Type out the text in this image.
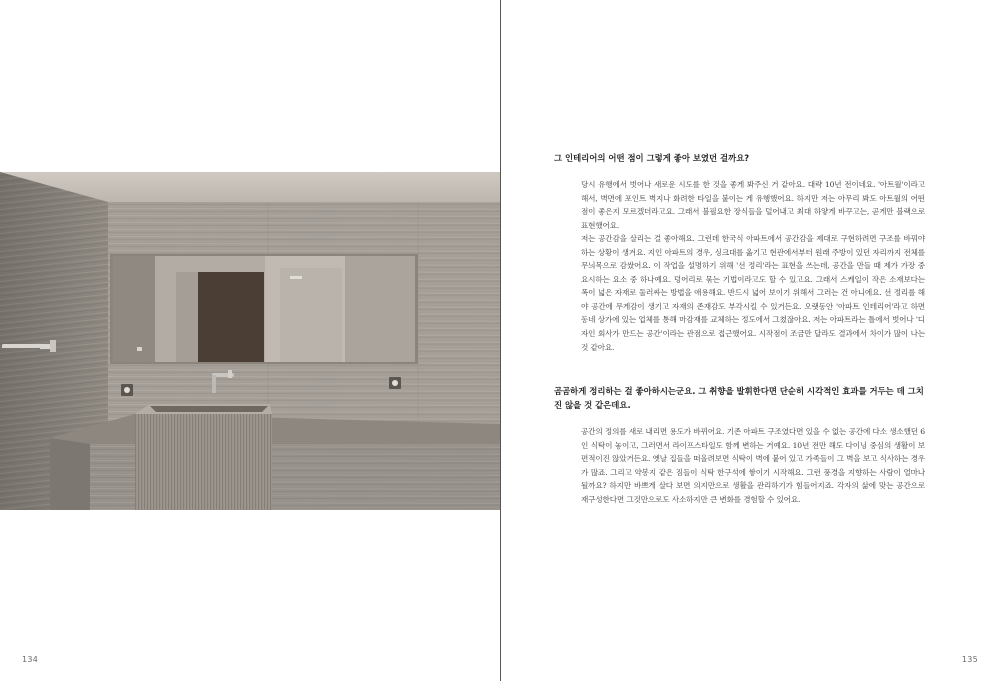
134

그 인테리어의 어떤 점이 그렇게 좋아 보였던 걸까요?

당시 유행에서 벗어나 새로운 시도를 한 것을 좋게 봐주신 거 같아요. 대략 10년 전이네요. '아트월'이라고 해서, 벽면에 포인트 벽지나 화려한 타일을 붙이는 게 유행했어요. 하지만 저는 아무리 봐도 아트월의 어떤 점이 좋은지 모르겠더라고요. 그래서 불필요한 장식들을 덜어내고 최대 하얗게 바꾸고는, 곧게만 블랙으로 표현했어요.

저는 공간감을 살리는 걸 좋아해요. 그런데 한국식 아파트에서 공간감을 제대로 구현하려면 구조를 바꿔야 하는 상황이 생겨요. 지인 아파트의 경우, 싱크대를 옮기고 현관에서부터 원래 주방이 있던 자리까지 전체를 무늬목으로 감쌌어요. 이 작업을 설명하기 위해 '선 정리'라는 표현을 쓰는데, 공간을 만들 때 제가 가장 중요시하는 요소 중 하나예요. 덩어리로 묶는 기법이라고도 할 수 있고요. 그래서 스케일이 작은 소재보다는 폭이 넓은 자재로 둘러싸는 방법을 애용해요. 반드시 넓어 보이기 위해서 그러는 건 아니에요. 선 정리를 해야 공간에 무게감이 생기고 자재의 존재감도 부각시킬 수 있거든요. 오랫동안 '아파트 인테리어'라고 하면 동네 상가에 있는 업체를 통해 마감재를 교체하는 정도에서 그쳤잖아요. 저는 아파트라는 틀에서 벗어나 '디자인 회사가 만드는 공간'이라는 관점으로 접근했어요. 시작점이 조금만 달라도 결과에서 차이가 많이 나는 것 같아요.

곰곰하게 정리하는 걸 좋아하시는군요. 그 취향을 발휘한다면 단순히 시각적인 효과를 거두는 데 그치진 않을 것 같은데요.

공간의 정의를 새로 내리면 용도가 바뀌어요. 기존 아파트 구조였다면 있을 수 없는 공간에 다소 생소했던 6인 식탁이 놓이고, 그러면서 라이프스타일도 함께 변하는 거예요. 10년 전만 해도 다이닝 중심의 생활이 보편적이진 않았거든요. 옛날 집들을 떠올려보면 식탁이 벽에 붙어 있고 가족들이 그 벽을 보고 식사하는 경우가 많죠. 그리고 약봉지 같은 짐들이 식탁 한구석에 쌓이기 시작해요. 그런 풍경을 지향하는 사람이 얼마나 될까요? 하지만 바쁘게 살다 보면 의지만으로 생활을 관리하기가 힘들어지죠. 각자의 삶에 맞는 공간으로 재구성한다면 그것만으로도 사소하지만 큰 변화를 경험할 수 있어요.

135
